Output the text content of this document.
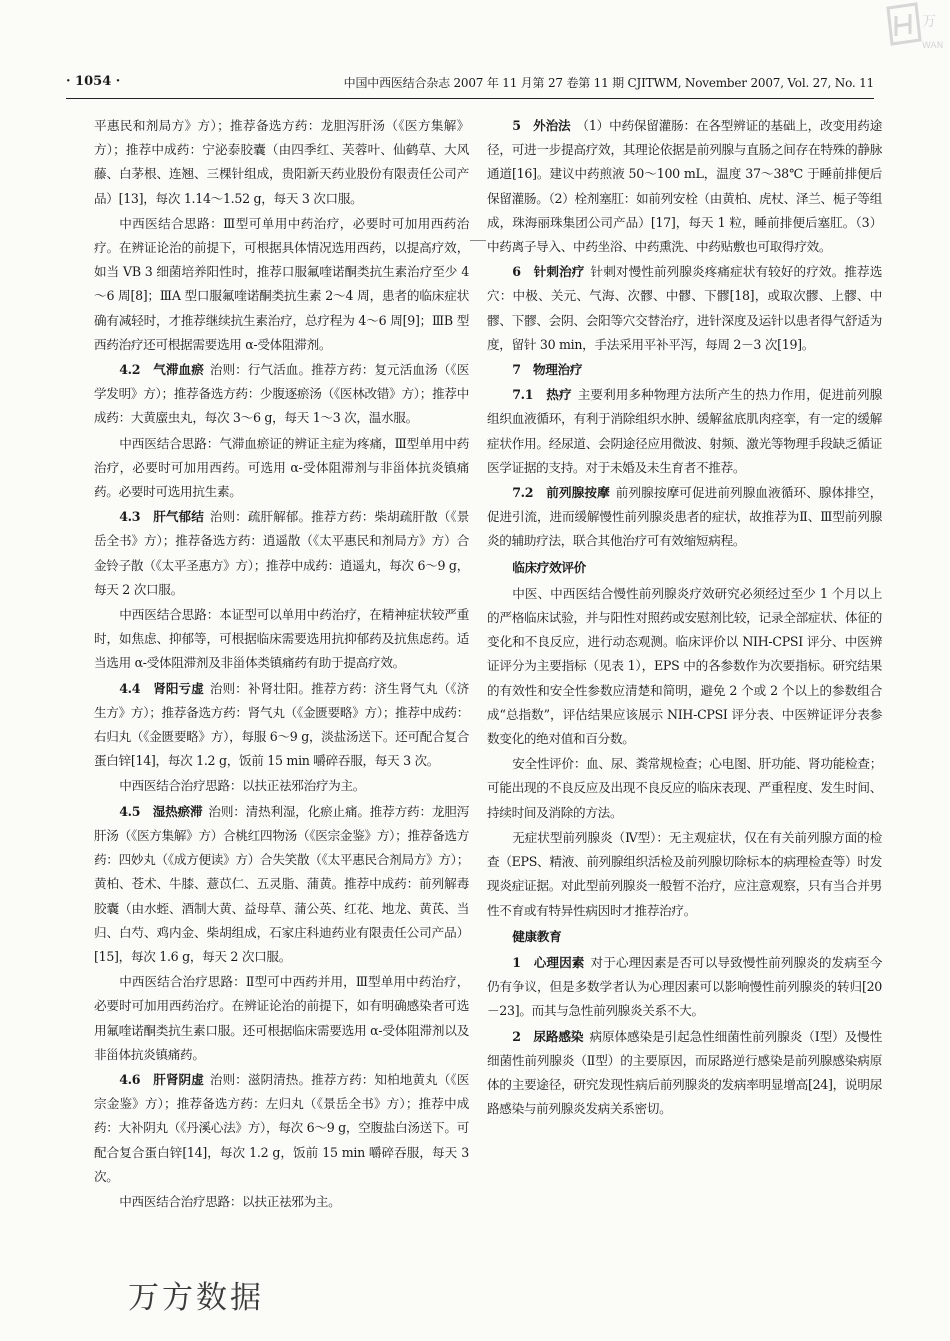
万
WAN
· 1054 ·	中国中西医结合杂志 2007 年 11 月第 27 卷第 11 期 CJITWM, November 2007, Vol. 27, No. 11

平惠民和剂局方》方）；推荐备选方药：龙胆泻肝汤（《医方集解》方）；推荐中成药：宁泌泰胶囊（由四季红、芙蓉叶、仙鹤草、大风藤、白茅根、连翘、三棵针组成，贵阳新天药业股份有限责任公司产品）[13]，每次 1.14～1.52 g，每天 3 次口服。

中西医结合思路：Ⅲ型可单用中药治疗，必要时可加用西药治疗。在辨证论治的前提下，可根据具体情况选用西药，以提高疗效，如当 VB 3 细菌培养阳性时，推荐口服氟喹诺酮类抗生素治疗至少 4～6 周[8]；ⅢA 型口服氟喹诺酮类抗生素 2～4 周，患者的临床症状确有减轻时，才推荐继续抗生素治疗，总疗程为 4～6 周[9]；ⅢB 型西药治疗还可根据需要选用 α-受体阻滞剂。

4.2　气滞血瘀 治则：行气活血。推荐方药：复元活血汤（《医学发明》方）；推荐备选方药：少腹逐瘀汤（《医林改错》方）；推荐中成药：大黄䗪虫丸，每次 3～6 g，每天 1～3 次，温水服。

中西医结合思路：气滞血瘀证的辨证主症为疼痛，Ⅲ型单用中药治疗，必要时可加用西药。可选用 α-受体阻滞剂与非甾体抗炎镇痛药。必要时可选用抗生素。

4.3　肝气郁结 治则：疏肝解郁。推荐方药：柴胡疏肝散（《景岳全书》方）；推荐备选方药：逍遥散（《太平惠民和剂局方》方）合金铃子散（《太平圣惠方》方）；推荐中成药：逍遥丸，每次 6～9 g，每天 2 次口服。

中西医结合思路：本证型可以单用中药治疗，在精神症状较严重时，如焦虑、抑郁等，可根据临床需要选用抗抑郁药及抗焦虑药。适当选用 α-受体阻滞剂及非甾体类镇痛药有助于提高疗效。

4.4　肾阳亏虚 治则：补肾壮阳。推荐方药：济生肾气丸（《济生方》方）；推荐备选方药：肾气丸（《金匮要略》方）；推荐中成药：右归丸（《金匮要略》方），每服 6～9 g，淡盐汤送下。还可配合复合蛋白锌[14]，每次 1.2 g，饭前 15 min 嚼碎吞服，每天 3 次。

中西医结合治疗思路：以扶正祛邪治疗为主。

4.5　湿热瘀滞 治则：清热利湿，化瘀止痛。推荐方药：龙胆泻肝汤（《医方集解》方）合桃红四物汤（《医宗金鉴》方）；推荐备选方药：四妙丸（《成方便读》方）合失笑散（《太平惠民合剂局方》方）；黄柏、苍术、牛膝、薏苡仁、五灵脂、蒲黄。推荐中成药：前列解毒胶囊（由水蛭、酒制大黄、益母草、蒲公英、红花、地龙、黄芪、当归、白芍、鸡内金、柴胡组成，石家庄科迪药业有限责任公司产品）[15]，每次 1.6 g，每天 2 次口服。

中西医结合治疗思路：Ⅱ型可中西药并用，Ⅲ型单用中药治疗，必要时可加用西药治疗。在辨证论治的前提下，如有明确感染者可选用氟喹诺酮类抗生素口服。还可根据临床需要选用 α-受体阻滞剂以及非甾体抗炎镇痛药。

4.6　肝肾阴虚 治则：滋阴清热。推荐方药：知柏地黄丸（《医宗金鉴》方）；推荐备选方药：左归丸（《景岳全书》方）；推荐中成药：大补阴丸（《丹溪心法》方），每次 6～9 g，空腹盐白汤送下。可配合复合蛋白锌[14]，每次 1.2 g，饭前 15 min 嚼碎吞服，每天 3 次。

中西医结合治疗思路：以扶正祛邪为主。

5　外治法 （1）中药保留灌肠：在各型辨证的基础上，改变用药途径，可进一步提高疗效，其理论依据是前列腺与直肠之间存在特殊的静脉通道[16]。建议中药煎液 50～100 mL，温度 37～38℃ 于睡前排便后保留灌肠。（2）栓剂塞肛：如前列安栓（由黄柏、虎杖、泽兰、栀子等组成，珠海丽珠集团公司产品）[17]，每天 1 粒，睡前排便后塞肛。（3）中药离子导入、中药坐浴、中药熏洗、中药贴敷也可取得疗效。

6　针刺治疗 针刺对慢性前列腺炎疼痛症状有较好的疗效。推荐选穴：中极、关元、气海、次髎、中髎、下髎[18]，或取次髎、上髎、中髎、下髎、会阴、会阳等穴交替治疗，进针深度及运针以患者得气舒适为度，留针 30 min，手法采用平补平泻，每周 2－3 次[19]。

7　物理治疗

7.1　热疗 主要利用多种物理方法所产生的热力作用，促进前列腺组织血液循环，有利于消除组织水肿、缓解盆底肌肉痉挛，有一定的缓解症状作用。经尿道、会阴途径应用微波、射频、激光等物理手段缺乏循证医学证据的支持。对于未婚及未生育者不推荐。

7.2　前列腺按摩 前列腺按摩可促进前列腺血液循环、腺体排空，促进引流，进而缓解慢性前列腺炎患者的症状，故推荐为Ⅱ、Ⅲ型前列腺炎的辅助疗法，联合其他治疗可有效缩短病程。

临床疗效评价

中医、中西医结合慢性前列腺炎疗效研究必须经过至少 1 个月以上的严格临床试验，并与阳性对照药或安慰剂比较，记录全部症状、体征的变化和不良反应，进行动态观测。临床评价以 NIH-CPSI 评分、中医辨证评分为主要指标（见表 1），EPS 中的各参数作为次要指标。研究结果的有效性和安全性参数应清楚和简明，避免 2 个或 2 个以上的参数组合成“总指数”，评估结果应该展示 NIH-CPSI 评分表、中医辨证评分表参数变化的绝对值和百分数。

安全性评价：血、尿、粪常规检查；心电图、肝功能、肾功能检查；可能出现的不良反应及出现不良反应的临床表现、严重程度、发生时间、持续时间及消除的方法。

无症状型前列腺炎（Ⅳ型）：无主观症状，仅在有关前列腺方面的检查（EPS、精液、前列腺组织活检及前列腺切除标本的病理检查等）时发现炎症证据。对此型前列腺炎一般暂不治疗，应注意观察，只有当合并男性不育或有特异性病因时才推荐治疗。

健康教育

1　心理因素 对于心理因素是否可以导致慢性前列腺炎的发病至今仍有争议，但是多数学者认为心理因素可以影响慢性前列腺炎的转归[20－23]。而其与急性前列腺炎关系不大。

2　尿路感染 病原体感染是引起急性细菌性前列腺炎（Ⅰ型）及慢性细菌性前列腺炎（Ⅱ型）的主要原因，而尿路逆行感染是前列腺感染病原体的主要途径，研究发现性病后前列腺炎的发病率明显增高[24]，说明尿路感染与前列腺炎发病关系密切。

万方数据
